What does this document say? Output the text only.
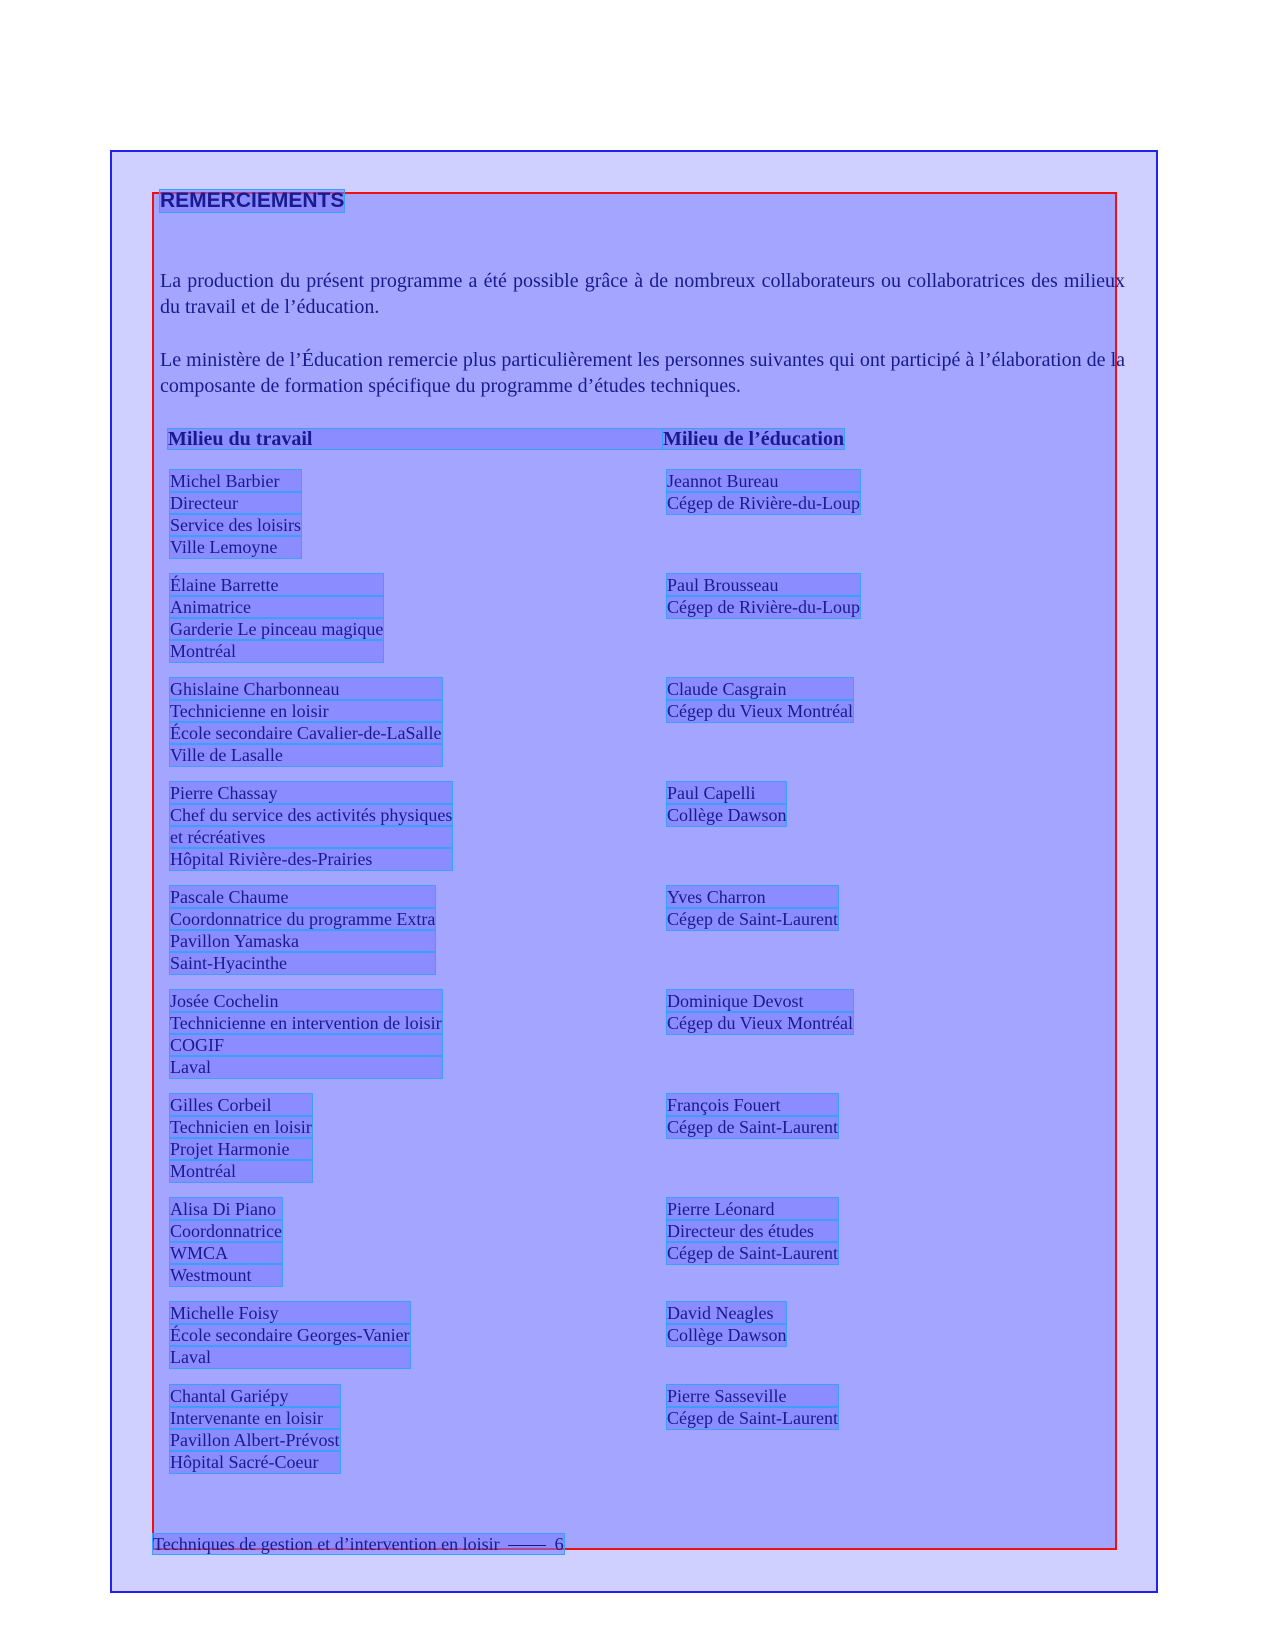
REMERCIEMENTS
La production du présent programme a été possible grâce à de nombreux collaborateurs ou collaboratrices des milieux du travail et de l’éducation.
Le ministère de l’Éducation remercie plus particulièrement les personnes suivantes qui ont participé à l’élaboration de la composante de formation spécifique du programme d’études techniques.
Milieu du travail	Milieu de l’éducation
Michel Barbier
Directeur
Service des loisirs
Ville Lemoyne
Élaine Barrette
Animatrice
Garderie Le pinceau magique
Montréal
Ghislaine Charbonneau
Technicienne en loisir
École secondaire Cavalier-de-LaSalle
Ville de Lasalle
Pierre Chassay
Chef du service des activités physiques
et récréatives
Hôpital Rivière-des-Prairies
Pascale Chaume
Coordonnatrice du programme Extra
Pavillon Yamaska
Saint-Hyacinthe
Josée Cochelin
Technicienne en intervention de loisir
COGIF
Laval
Gilles Corbeil
Technicien en loisir
Projet Harmonie
Montréal
Alisa Di Piano
Coordonnatrice
WMCA
Westmount
Michelle Foisy
École secondaire Georges-Vanier
Laval
Chantal Gariépy
Intervenante en loisir
Pavillon Albert-Prévost
Hôpital Sacré-Coeur
Jeannot Bureau
Cégep de Rivière-du-Loup
Paul Brousseau
Cégep de Rivière-du-Loup
Claude Casgrain
Cégep du Vieux Montréal
Paul Capelli
Collège Dawson
Yves Charron
Cégep de Saint-Laurent
Dominique Devost
Cégep du Vieux Montréal
François Fouert
Cégep de Saint-Laurent
Pierre Léonard
Directeur des études
Cégep de Saint-Laurent
David Neagles
Collège Dawson
Pierre Sasseville
Cégep de Saint-Laurent
Techniques de gestion et d’intervention en loisir	6
